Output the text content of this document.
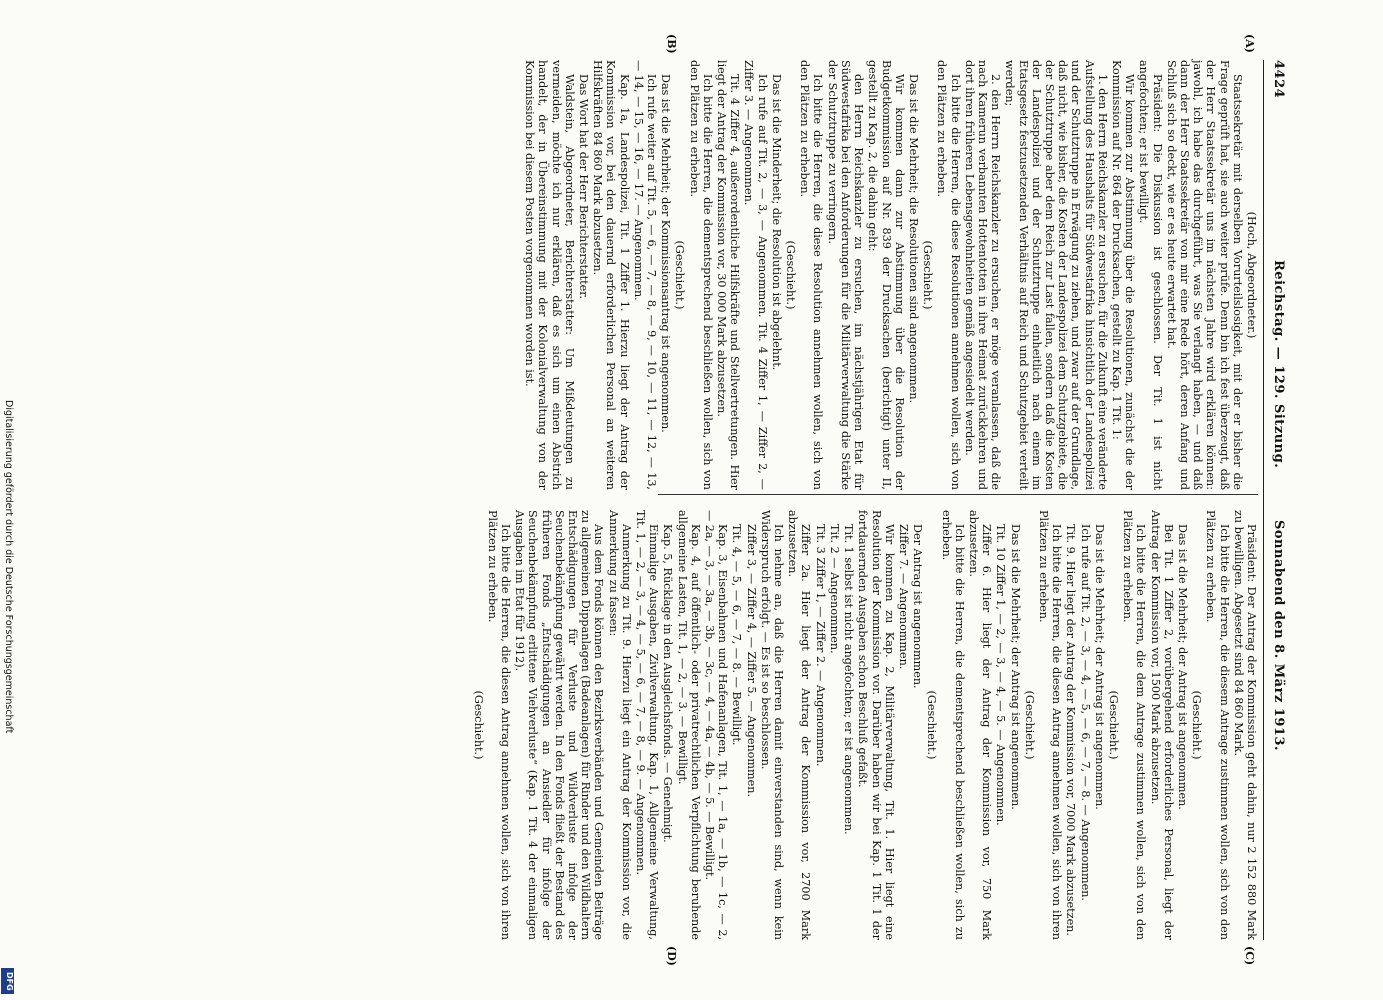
4424
Reichstag. — 129. Sitzung.
Sonnabend den 8. März 1913.
(A)
(B)
(C)
(D)

(Hoch, Abgeordneter.)

Staatssekretär mit derselben Vorurteilslosigkeit, mit der er bisher die Frage geprüft hat, sie auch weiter prüfe. Denn bin ich fest überzeugt, daß der Herr Staatssekretär uns im nächsten Jahre wird erklären können: jawohl, ich habe das durchgeführt, was Sie verlangt haben, — und daß dann der Herr Staatssekretär von mir eine Rede hört, deren Anfang und Schluß sich so deckt, wie er es heute erwartet hat.

Präsident: Die Diskussion ist geschlossen. Der Tit. 1 ist nicht angefochten; er ist bewilligt.

Wir kommen zur Abstimmung über die Resolutionen, zunächst die der Kommission auf Nr. 864 der Drucksachen, gestellt zu Kap. 1 Tit. 1:

1. den Herrn Reichskanzler zu ersuchen, für die Zukunft eine veränderte Aufstellung des Haushalts für Südwestafrika hinsichtlich der Landespolizei und der Schutztruppe in Erwägung zu ziehen, und zwar auf der Grundlage, daß nicht, wie bisher, die Kosten der Landespolizei dem Schutzgebiete, die der Schutztruppe aber dem Reich zur Last fallen, sondern daß die Kosten der Landespolizei und der Schutztruppe einheitlich nach einem im Etatsgesetz festzusetzenden Verhältnis auf Reich und Schutzgebiet verteilt werden;

2. den Herrn Reichskanzler zu ersuchen, er möge veranlassen, daß die nach Kamerun verbannten Hottentotten in ihre Heimat zurückkehren und dort ihren früheren Lebensgewohnheiten gemäß angesiedelt werden.

Ich bitte die Herren, die diese Resolutionen annehmen wollen, sich von den Plätzen zu erheben.

(Geschieht.)

Das ist die Mehrheit; die Resolutionen sind angenommen.

Wir kommen dann zur Abstimmung über die Resolution der Budgetkommission auf Nr. 839 der Drucksachen (berichtigt) unter II, gestellt zu Kap. 2, die dahin geht:

den Herrn Reichskanzler zu ersuchen, im nächstjährigen Etat für Südwestafrika bei den Anforderungen für die Militärverwaltung die Stärke der Schutztruppe zu verringern.

Ich bitte die Herren, die diese Resolution annehmen wollen, sich von den Plätzen zu erheben.

(Geschieht.)

Das ist die Minderheit; die Resolution ist abgelehnt.

Ich rufe auf Tit. 2, — 3, — Angenommen. Tit. 4 Ziffer 1, — Ziffer 2, — Ziffer 3. — Angenommen.

Tit. 4 Ziffer 4, außerordentliche Hilfskräfte und Stellvertretungen. Hier liegt der Antrag der Kommission vor, 30 000 Mark abzusetzen.

Ich bitte die Herren, die dementsprechend beschließen wollen, sich von den Plätzen zu erheben.

(Geschieht.)

Das ist die Mehrheit; der Kommissionsantrag ist angenommen.

Ich rufe weiter auf Tit. 5, — 6, — 7, — 8, — 9, — 10, — 11, — 12, — 13, — 14, — 15, — 16, — 17. — Angenommen.

Kap. 1a, Landespolizei, Tit. 1 Ziffer 1. Hierzu liegt der Antrag der Kommission vor, bei den dauernd erforderlichen Personal an weiteren Hilfskräften 84 860 Mark abzusetzen.

Das Wort hat der Herr Berichterstatter.

Waldstein, Abgeordneter, Berichterstatter: Um Mißdeutungen zu vermeiden, möchte ich nur erklären, daß es sich um einen Abstrich handelt, der in Übereinstimmung mit der Kolonialverwaltung von der Kommission bei diesem Posten vorgenommen worden ist.

Präsident: Der Antrag der Kommission geht dahin, nur 2 152 880 Mark zu bewilligen. Abgesetzt sind 84 860 Mark.

Ich bitte die Herren, die diesem Antrage zustimmen wollen, sich von den Plätzen zu erheben.

(Geschieht.)

Das ist die Mehrheit; der Antrag ist angenommen.

Bei Tit. 1 Ziffer 2, vorübergehend erforderliches Personal, liegt der Antrag der Kommission vor, 1500 Mark abzusetzen.

Ich bitte die Herren, die dem Antrage zustimmen wollen, sich von den Plätzen zu erheben.

(Geschieht.)

Das ist die Mehrheit; der Antrag ist angenommen.

Ich rufe auf Tit. 2, — 3, — 4, — 5, — 6, — 7, — 8. — Angenommen.

Tit. 9. Hier liegt der Antrag der Kommission vor, 7000 Mark abzusetzen.

Ich bitte die Herren, die diesen Antrag annehmen wollen, sich von ihren Plätzen zu erheben.

(Geschieht.)

Das ist die Mehrheit; der Antrag ist angenommen.

Tit. 10 Ziffer 1, — 2, — 3, — 4, — 5. — Angenommen.

Ziffer 6. Hier liegt der Antrag der Kommission vor, 750 Mark abzusetzen.

Ich bitte die Herren, die dementsprechend beschließen wollen, sich zu erheben.

(Geschieht.)

Der Antrag ist angenommen.

Ziffer 7. — Angenommen.

Wir kommen zu Kap. 2, Militärverwaltung, Tit. 1. Hier liegt eine Resolution der Kommission vor. Darüber haben wir bei Kap. 1 Tit. 1 der fortdauernden Ausgaben schon Beschluß gefaßt.

Tit. 1 selbst ist nicht angefochten; er ist angenommen.

Tit. 2 — Angenommen.

Tit. 3 Ziffer 1, — Ziffer 2. — Angenommen.

Ziffer 2a. Hier liegt der Antrag der Kommission vor, 2700 Mark abzusetzen.

Ich nehme an, daß die Herren damit einverstanden sind, wenn kein Widerspruch erfolgt. — Es ist so beschlossen.

Ziffer 3, — Ziffer 4, — Ziffer 5. — Angenommen.

Tit. 4, — 5, — 6, — 7, — 8. — Bewilligt.

Kap. 3, Eisenbahnen und Hafenanlagen, Tit. 1, — 1a, — 1b, — 1c, — 2, — 2a, — 3, — 3a, — 3b, — 3c, — 4, — 4a, — 4b, — 5. — Bewilligt.

Kap. 4, auf öffentlich- oder privatrechtlichen Verpflichtung beruhende allgemeine Lasten, Tit. 1, — 2, — 3. — Bewilligt.

Kap. 5, Rücklage in den Ausgleichsfonds. — Genehmigt.

Einmalige Ausgaben, Zivilverwaltung, Kap. 1, Allgemeine Verwaltung, Tit. 1, — 2, — 3, — 4, — 5, — 6, — 7, — 8, — 9. — Angenommen.

Anmerkung zu Tit. 9. Hierzu liegt ein Antrag der Kommission vor, die Anmerkung zu fassen:

Aus dem Fonds können den Bezirksverbänden und Gemeinden Beiträge zu allgemeinen Dippanlagen (Badeanlagen) für Rinder und den Wildhaltern Entschädigungen für Verluste und Wildverluste infolge der Seuchenbekämpfung gewährt werden. In den Fonds fließt der Bestand des früheren Fonds „Entschädigungen an Ansiedler für infolge der Seuchenbekämpfung erlittene Viehverluste“ (Kap. 1 Tit. 4 der einmaligen Ausgaben im Etat für 1912).

Ich bitte die Herren, die diesen Antrag annehmen wollen, sich von ihren Plätzen zu erheben.

(Geschieht.)

Digitalisierung gefördert durch die Deutsche Forschungsgemeinschaft
DFG
